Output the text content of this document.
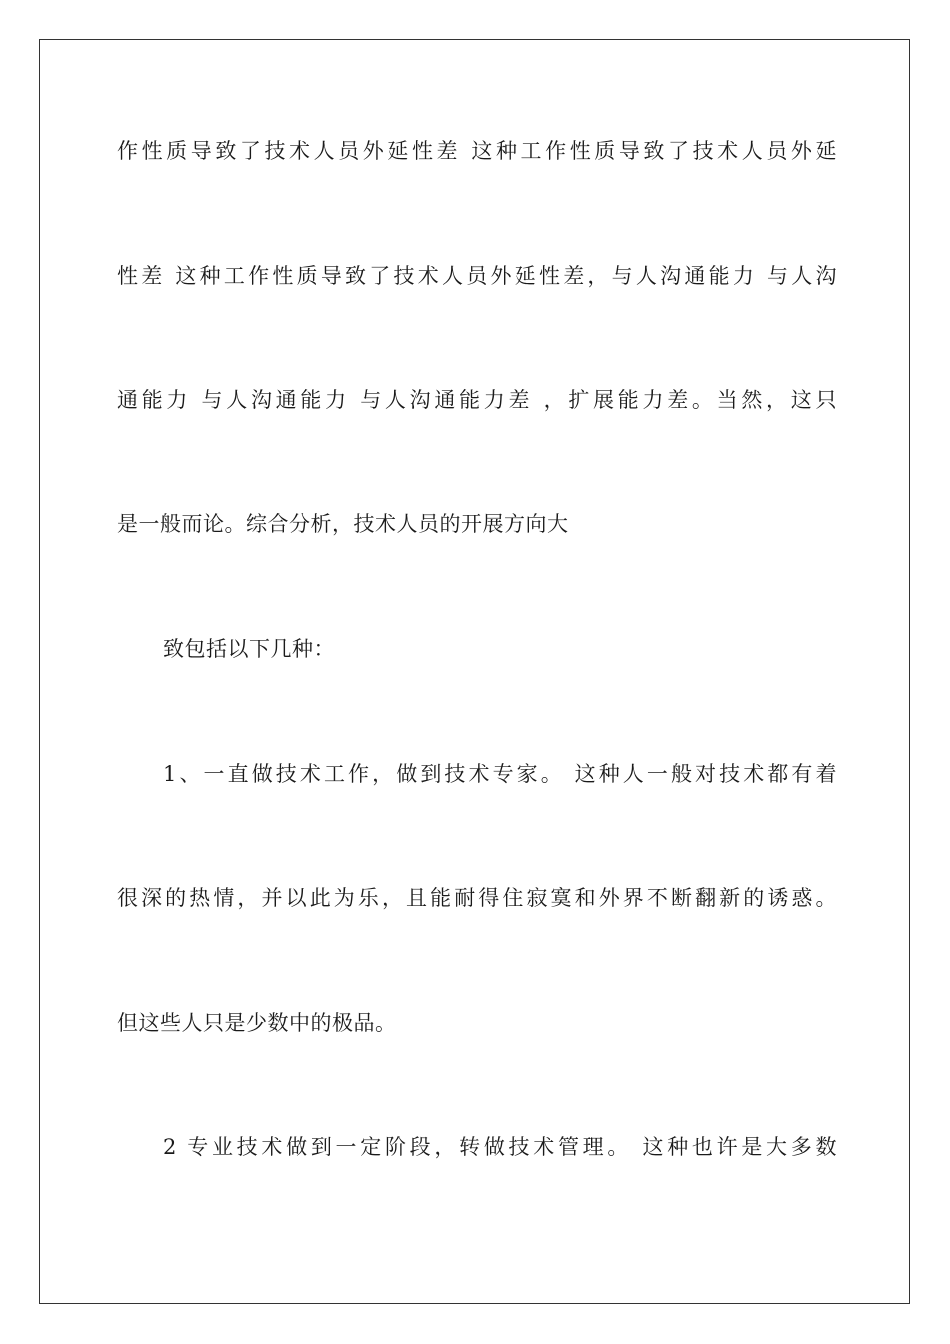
作性质导致了技术人员外延性差 这种工作性质导致了技术人员外延
性差 这种工作性质导致了技术人员外延性差，与人沟通能力 与人沟
通能力 与人沟通能力 与人沟通能力差 ，扩展能力差。当然，这只
是一般而论。综合分析，技术人员的开展方向大
致包括以下几种：
1、一直做技术工作，做到技术专家。 这种人一般对技术都有着
很深的热情，并以此为乐，且能耐得住寂寞和外界不断翻新的诱惑。
但这些人只是少数中的极品。
2 专业技术做到一定阶段，转做技术管理。 这种也许是大多数
